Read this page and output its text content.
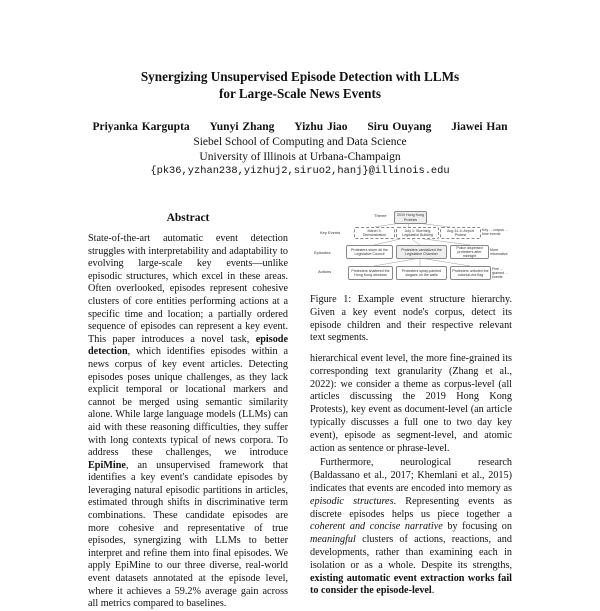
Synergizing Unsupervised Episode Detection with LLMs
for Large-Scale News Events
Priyanka Kargupta Yunyi Zhang Yizhu Jiao Siru Ouyang Jiawei Han
Siebel School of Computing and Data Science
University of Illinois at Urbana-Champaign
{pk36,yzhan238,yizhuj2,siruo2,hanj}@illinois.edu
Abstract
State-of-the-art automatic event detection struggles with interpretability and adaptability to evolving large-scale key events—unlike episodic structures, which excel in these areas. Often overlooked, episodes represent cohesive clusters of core entities performing actions at a specific time and location; a partially ordered sequence of episodes can represent a key event. This paper introduces a novel task, episode detection, which identifies episodes within a news corpus of key event articles. Detecting episodes poses unique challenges, as they lack explicit temporal or locational markers and cannot be merged using semantic similarity alone. While large language models (LLMs) can aid with these reasoning difficulties, they suffer with long contexts typical of news corpora. To address these challenges, we introduce EpiMine, an unsupervised framework that identifies a key event's candidate episodes by leveraging natural episodic partitions in articles, estimated through shifts in discriminative term combinations. These candidate episodes are more cohesive and representative of true episodes, synergizing with LLMs to better interpret and refine them into final episodes. We apply EpiMine to our three diverse, real-world event datasets annotated at the episode level, where it achieves a 59.2% average gain across all metrics compared to baselines.
Theme	2019 Hong Kong Protests
Key Events	March 3: Demonstration
July 1: Storming Legislative Building
Aug 31-4: Airport Protest
Key ... corpus ... time events
Episodes
Protesters storm all the Legislative Council
Protesters vandalized the Legislative Chamber
Police dispersed protesters after midnight
More informative
Actions	Protesters shattered the Hong Kong windows
Protesters spray-painted slogans on the walls
Protesters unfurled the colonial-era flag
Fine ... grained ... events
Figure 1: Example event structure hierarchy. Given a key event node's corpus, detect its episode children and their respective relevant text segments.

hierarchical event level, the more fine-grained its corresponding text granularity (Zhang et al., 2022): we consider a theme as corpus-level (all articles discussing the 2019 Hong Kong Protests), key event as document-level (an article typically discusses a full one to two day key event), episode as segment-level, and atomic action as sentence or phrase-level.

Furthermore, neurological research (Baldassano et al., 2017; Khemlani et al., 2015) indicates that events are encoded into memory as episodic structures. Representing events as discrete episodes helps us piece together a coherent and concise narrative by focusing on meaningful clusters of actions, reactions, and developments, rather than examining each in isolation or as a whole. Despite its strengths, existing automatic event extraction works fail to consider the episode-level.
